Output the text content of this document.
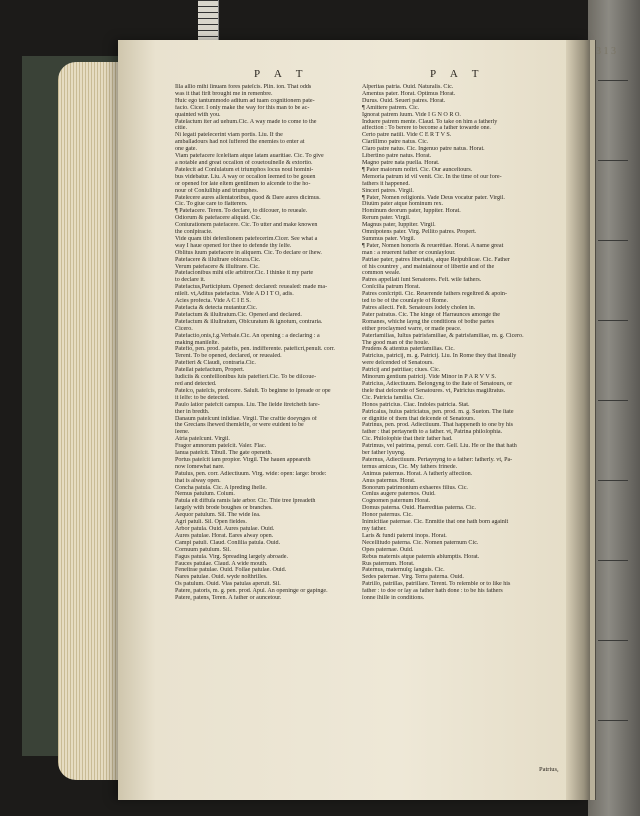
3 1 3
P A T	P A T

Illa aſſio mihi ſinuam fores pateſcis. Plin. ion. That odds

was it that firſt brought me in remenbre.

Huic ego tantummodo aditum ad tuam cognitionem pate-

facio. Cicer. I only make the way for this man to be ac-

quainted with you.

Pateſactum iter ad uehum.Cic. A way made to come to the

citie.

Ni legati pateſecerint viam portis. Liu. If the

ambaſſadours had not ſuffered the enemies to enter at

one gate.

Viam patefacere ſceleſtam atque latam auaritiae. Cic. To give

a notable and great occaſion of couetouſneſſe & extortio.

Pateſecit ad Conſulatum et triumphos locus noui homini-

bus videbatur. Liu. A way or occaſion ſeemed to be gouen

or opened for late eſtem gentilmen to aſcende to the ho-

nour of Conſulſhip and triumphes.

Pateſecere aures aſſentatoribus, quod & Dare aures dicimus.

Cic. To giue care to flatterers.

¶ Patefacere. Teren. To declare, to diſcouer, to reueale.

Odiorum & patefacere aliquid. Cic.

Coniurationem patefacere. Cic. To utter and make knowen

the conſpiracie.

Vide quam tibi defenſionem patefecerim.Cicer. See what a

way I haue opened for thee to defende thy ſelfe.

Oblitus ſuum patefacere in aliquem. Cic. To declare or ſhew.

Patefacere & illuſtrare obſcura.Cic.

Verum patefacere & illuſtrare. Cic.

Patefacionibus mihi eſſe arbitror.Cic. I thinke it my parte

to declare it.

Patefactus,Participium. Opened: declared: reuealed: made ma-

niſeſt. vt,Aditus patefactus. Vide A D I T O, adis.

Acies profecta. Vide A C I E S.

Patefacta & detecta mutantur.Cic.

Patefactum & illuſtratum.Cic. Opened and declared.

Patefactum & illuſtratum, Obſcuratum & ignotum, contraria.

Cicero.

Patefactio,onis,f.g.Verbale.Cic. An opening : a declaring : a

making maniſeſte.

Patefio, pen. prod. patefis, pen. indifferente. pateficri,penult. corr.

Terent. To be opened, declared, or reuealed.

Patefieri & Claudi, contraria.Cic.

Pateſſat patefactum, Propert.

Iudiciis & confeſſionibus ſuis patefieri.Cic. To be diſcoue-

red and detected.

Pateſco, pateſcis, profecere. Saluſt. To beginne to ſpreade or ope

it ſelfe: to be detected.

Paulo latior patefcit campus. Liu. The ſielde ſtretcheth fare-

ther in bredth.

Danaum pateſcunt inſidiae. Virgil. The craftie doeynges of

the Grecians ſhewed themſelfe, or were euident to be

ſeene.

Atria pateſcunt. Virgil.

Fragor amnorum pateſcit. Valer. Flac.

Ianua pateſcit. Tibull. The gate openeth.

Portus pateſcit iam propior. Virgil. The hauen appeareth

now ſomewhat nare.

Patulus, pen. corr. Adiectiuum. Virg. wide: open: large: brode:

that is alway open.

Concha patula. Cic. A ſpreding ſhelle.

Nemus patulum. Colum.

Patula eſt diffuſa ramis late arbor. Cic. Thie tree ſpreadeth

largely with brode boughes or branches.

Aequor patulum. Sil. The wide ſea.

Agri patuli. Sil. Open fieldes.

Arbor patula. Ouid. Aures patulae. Ouid.

Aures patulae. Horat. Eares alway open.

Campi patuli. Claud. Conſilia patula. Ouid.

Cornuum patulum. Sil.

Fagus patula. Virg. Spreading largely abroade.

Fauces patulae. Claud. A wide mouth.

Feneſtrae patulae. Ouid. Foſſae patulae. Ouid.

Nares patulae. Ouid. wyde noſthrilles.

Os patulum. Ouid. Vias patulas aperuit. Sil.

Patere, patoris, m. g. pen. prod. Apul. An openinge or gapinge.

Patere, patens, Teren. A father or auncetour.

Aſperitas patria. Ouid. Naturalis. Cic.

Amentus pater. Horat. Optimus Horat.

Durus. Ouid. Seueri patres. Horat.

¶ Amittere patrem. Cic.

Ignorat patrem ſuum. Vide I G N O R O.

Induere patrem mente. Claud. To take on him a fatherly

affection : To berere to become a father towarde one.

Certo patre natiſi. Vide C E R T V S.

Clariſſimo patre natus. Cic.

Claro patre natus. Cic. Ingenuo patre natus. Horat.

Libertino patre natus. Horat.

Magno patre nata puella. Horat.

¶ Pater maiorum noſtri. Cic. Our aunceſtours.

Memoria patrum id viſ venit. Cic. In the time of our fore-

fathers it happened.

Sinceri patres. Virgil.

¶ Pater, Nomen religionis. Vade Deus vocatur pater. Virgil.

Diuûm pater atque hominum rex.

Hominum deorum pater, Iuppiter. Horat.

Rerum pater. Virgil.

Magnus pater, Iuppiter. Virgil.

Omnipotens pater. Virg. Pellito patres. Propert.

Summus pater. Virgil.

¶ Pater, Nomen honoris & reuerêtiae. Horat. A name great

man : a reuerent father or counſaylour.

Patriae pater, patres libertatis, atque Reipublicae. Cic. Father

of his countrey , and maintainour of libertie and of the

common weale.

Patres appellati ſunt Senatores. Feſt. wiſe fathers.

Conſcilia patrum Horat.

Patres conſcripti. Cic. Reuerende fathers regeſtred & apoin-

ted to be of the counſayle of Rome.

Patres allecti. Feſt. Senatours ſodely choſen in.

Pater patratus. Cic. The kinge of Harraunces amonge the

Romanes, whiche ſayng the conditions of bothe partes

either proclaymed warre, or made peace.

Paterfamilias, Iuſtus patrisfamiliae, & patrisfamiliae, m. g. Cicero.

The good man of the houſe.

Prudens & attentus paterfamilias. Cic.

Patricius, patricij, m. g. Patricij. Liu. In Rome they that lineally

were deſcended of Senatours.

Patricij and patritiae; ciues. Cic.

Minorum gentium patricij. Vide Minor in P A R V V S.

Patricius, Adiectiuum. Belongyng to the ſtate of Senatours, or

theſe that deſcende of Senatoures. vt, Patricius magiſtratus.

Cic. Patricia familia. Cic.

Honos patricius. Ciac. Indoles patricia. Stat.

Patricalus, huius patriciatus, pen. prod. m. g. Sueton. The ſtate

or dignitie of them that deſcende of Senatours.

Patrinus, pen. prod. Adiectiuum. That happeneth to one by his

father : that pertayneth to a father. vt, Patrina philoſophia.

Cic. Philoſophie that their father had.

Patrimus, vel patrima, penul. corr. Geſſ. Liu. He or ſhe that hath

ber father lyuyng.

Paternus, Adiectiuum. Pertaynyng to a father: fatherly. vt, Pa-

ternus amicus, Cic. My fathers frinede.

Animus paternus. Horat. A fatherly affection.

Anus paternus. Horat.

Bonorum patrimonium exhaeres filius. Cic.

Cenſus augere paternos. Ouid.

Cognomen paternum Horat.

Domus paterna. Ouid. Haereditas paterna. Cic.

Honor paternus. Cic.

Inimicitiae paternae. Cic. Enmitie that one hath born againſt

my father.

Laris & fundi paterni inops. Horat.

Neceſſitudo paterna. Cic. Nomen paternum Cic.

Opes paternae. Ouid.

Rebus maternis atque paternis abſumptis. Horat.

Rus paternum. Horat.

Paternus, maternuſq; ſanguis. Cic.

Sedes paternae. Virg. Terra paterna. Ouid.

Patriſſo, patriſſas, patriſſare. Terent. To reſemble or to like his

father : to doe or ſay as father hath done : to be his fathers

ſonne ſhille in conditions.

Patrius,
